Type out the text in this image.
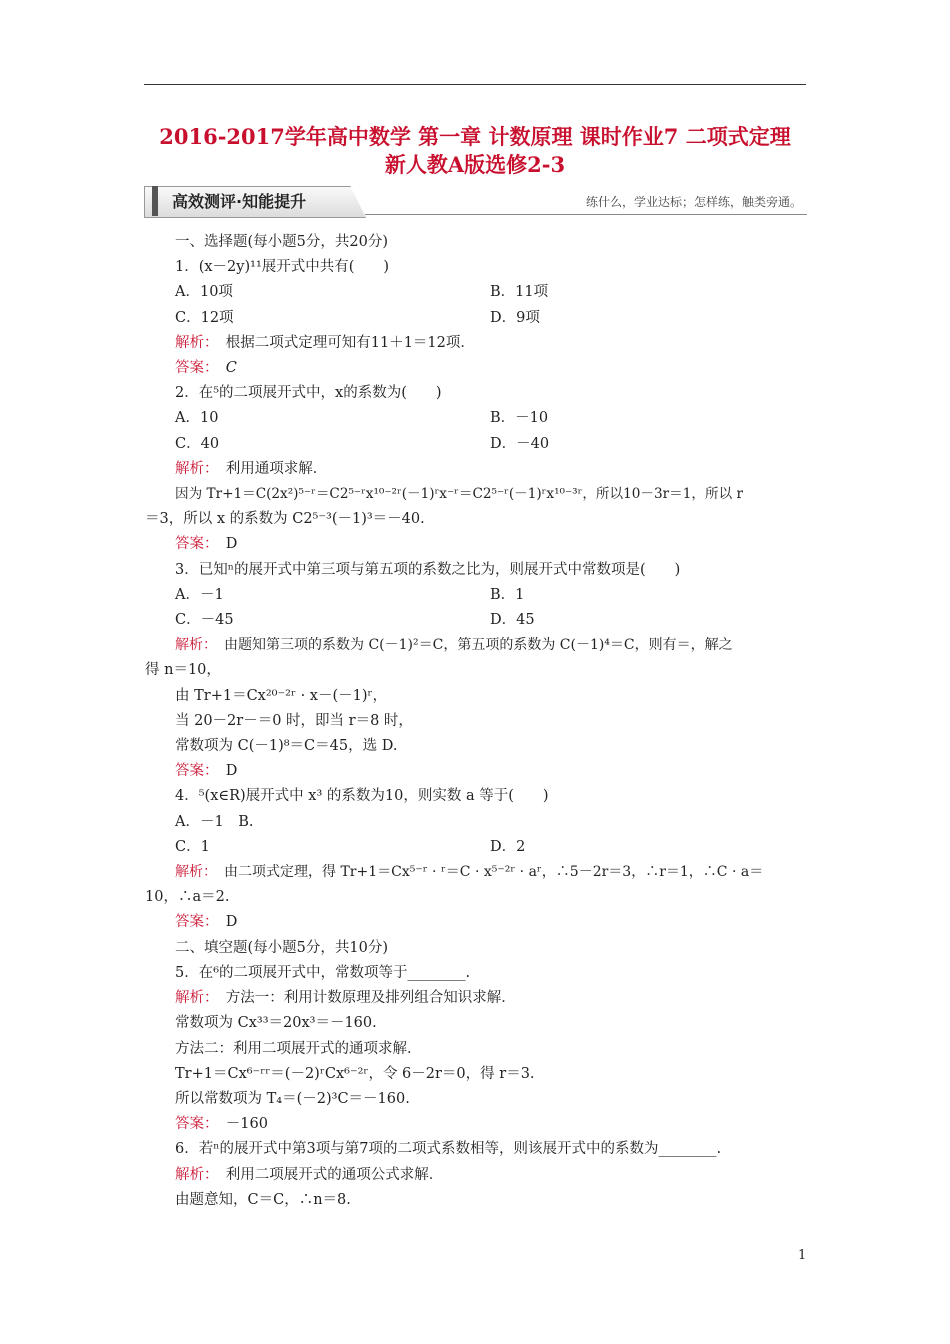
2016-2017学年高中数学 第一章 计数原理 课时作业7 二项式定理
新人教A版选修2-3
高效测评·知能提升	练什么，学业达标；怎样练，触类旁通。
一、选择题(每小题5分，共20分)
1．(x－2y)¹¹展开式中共有(　　)
A．10项	B．11项
C．12项	D．9项
解析：　 根据二项式定理可知有11＋1＝12项．
答案：　 C
2．在⁵的二项展开式中，x的系数为(　　)
A．10	B．－10
C．40	D．－40
解析：　 利用通项求解．
因为 Tr+1＝C(2x²)⁵⁻ʳ＝C2⁵⁻ʳx¹⁰⁻²ʳ(－1)ʳx⁻ʳ＝C2⁵⁻ʳ(－1)ʳx¹⁰⁻³ʳ，所以10－3r＝1，所以 r
＝3，所以 x 的系数为 C2⁵⁻³(－1)³＝－40.
答案：　 D
3．已知ⁿ的展开式中第三项与第五项的系数之比为，则展开式中常数项是(　　)
A．－1	B．1
C．－45	D．45
解析：　 由题知第三项的系数为 C(－1)²＝C，第五项的系数为 C(－1)⁴＝C，则有＝，解之
得 n＝10，
由 Tr+1＝Cx²⁰⁻²ʳ · x－(－1)ʳ，
当 20－2r－＝0 时，即当 r＝8 时，
常数项为 C(－1)⁸＝C＝45，选 D.
答案：　 D
4．⁵(x∈R)展开式中 x³ 的系数为10，则实数 a 等于(　　)
A．－1　B.
C．1	D．2
解析：　 由二项式定理，得 Tr+1＝Cx⁵⁻ʳ · ʳ＝C · x⁵⁻²ʳ · aʳ，∴5－2r＝3，∴r＝1，∴C · a＝
10，∴a＝2.
答案：　 D
二、填空题(每小题5分，共10分)
5．在⁶的二项展开式中，常数项等于________.
解析：　 方法一：利用计数原理及排列组合知识求解．
常数项为 Cx³³＝20x³＝－160.
方法二：利用二项展开式的通项求解．
Tr+1＝Cx⁶⁻ʳʳ＝(－2)ʳCx⁶⁻²ʳ，令 6－2r＝0，得 r＝3.
所以常数项为 T₄＝(－2)³C＝－160.
答案：　 －160
6．若ⁿ的展开式中第3项与第7项的二项式系数相等，则该展开式中的系数为________.
解析：　 利用二项展开式的通项公式求解．
由题意知，C＝C，∴n＝8.
1
